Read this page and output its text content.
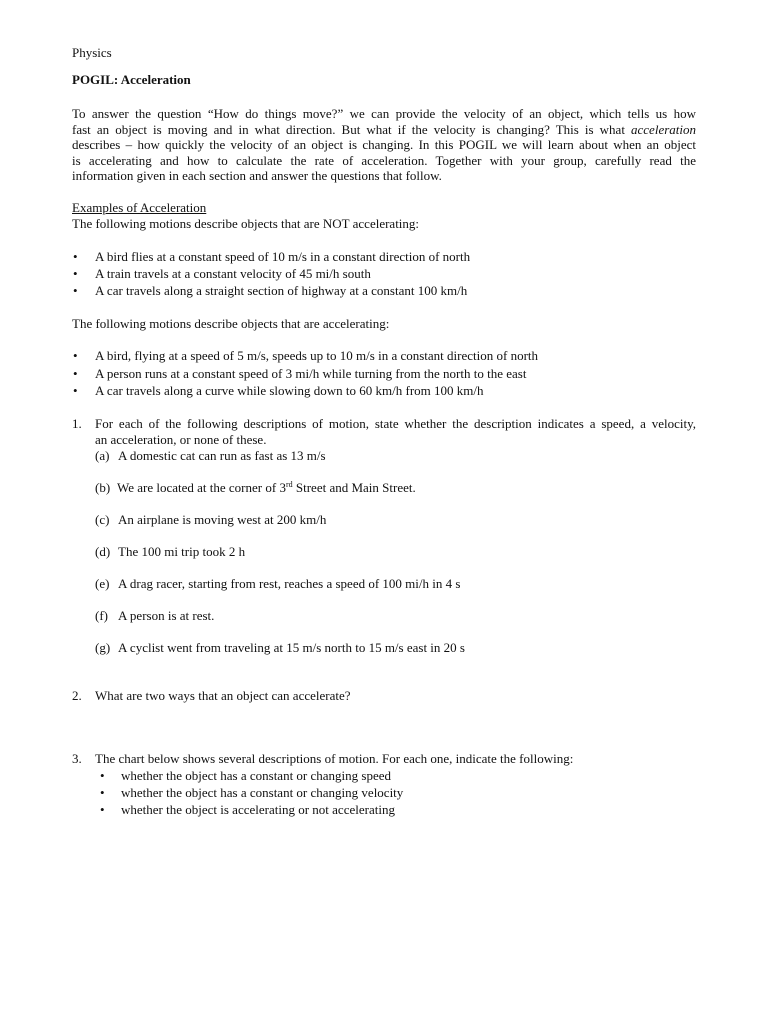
Physics
POGIL: Acceleration
To answer the question “How do things move?” we can provide the velocity of an object, which tells us how
fast an object is moving and in what direction. But what if the velocity is changing? This is what acceleration
describes – how quickly the velocity of an object is changing. In this POGIL we will learn about when an object
is accelerating and how to calculate the rate of acceleration. Together with your group, carefully read the
information given in each section and answer the questions that follow.
Examples of Acceleration
The following motions describe objects that are NOT accelerating:
•
A bird flies at a constant speed of 10 m/s in a constant direction of north
•
A train travels at a constant velocity of 45 mi/h south
•
A car travels along a straight section of highway at a constant 100 km/h
The following motions describe objects that are accelerating:
•
A bird, flying at a speed of 5 m/s, speeds up to 10 m/s in a constant direction of north
•
A person runs at a constant speed of 3 mi/h while turning from the north to the east
•
A car travels along a curve while slowing down to 60 km/h from 100 km/h
1. For each of the following descriptions of motion, state whether the description indicates a speed, a velocity,
an acceleration, or none of these.
(a) A domestic cat can run as fast as 13 m/s
(b) We are located at the corner of 3rd Street and Main Street.
(c) An airplane is moving west at 200 km/h
(d) The 100 mi trip took 2 h
(e) A drag racer, starting from rest, reaches a speed of 100 mi/h in 4 s
(f) A person is at rest.
(g) A cyclist went from traveling at 15 m/s north to 15 m/s east in 20 s
2. What are two ways that an object can accelerate?
3. The chart below shows several descriptions of motion. For each one, indicate the following:
•
whether the object has a constant or changing speed
•
whether the object has a constant or changing velocity
•
whether the object is accelerating or not accelerating
